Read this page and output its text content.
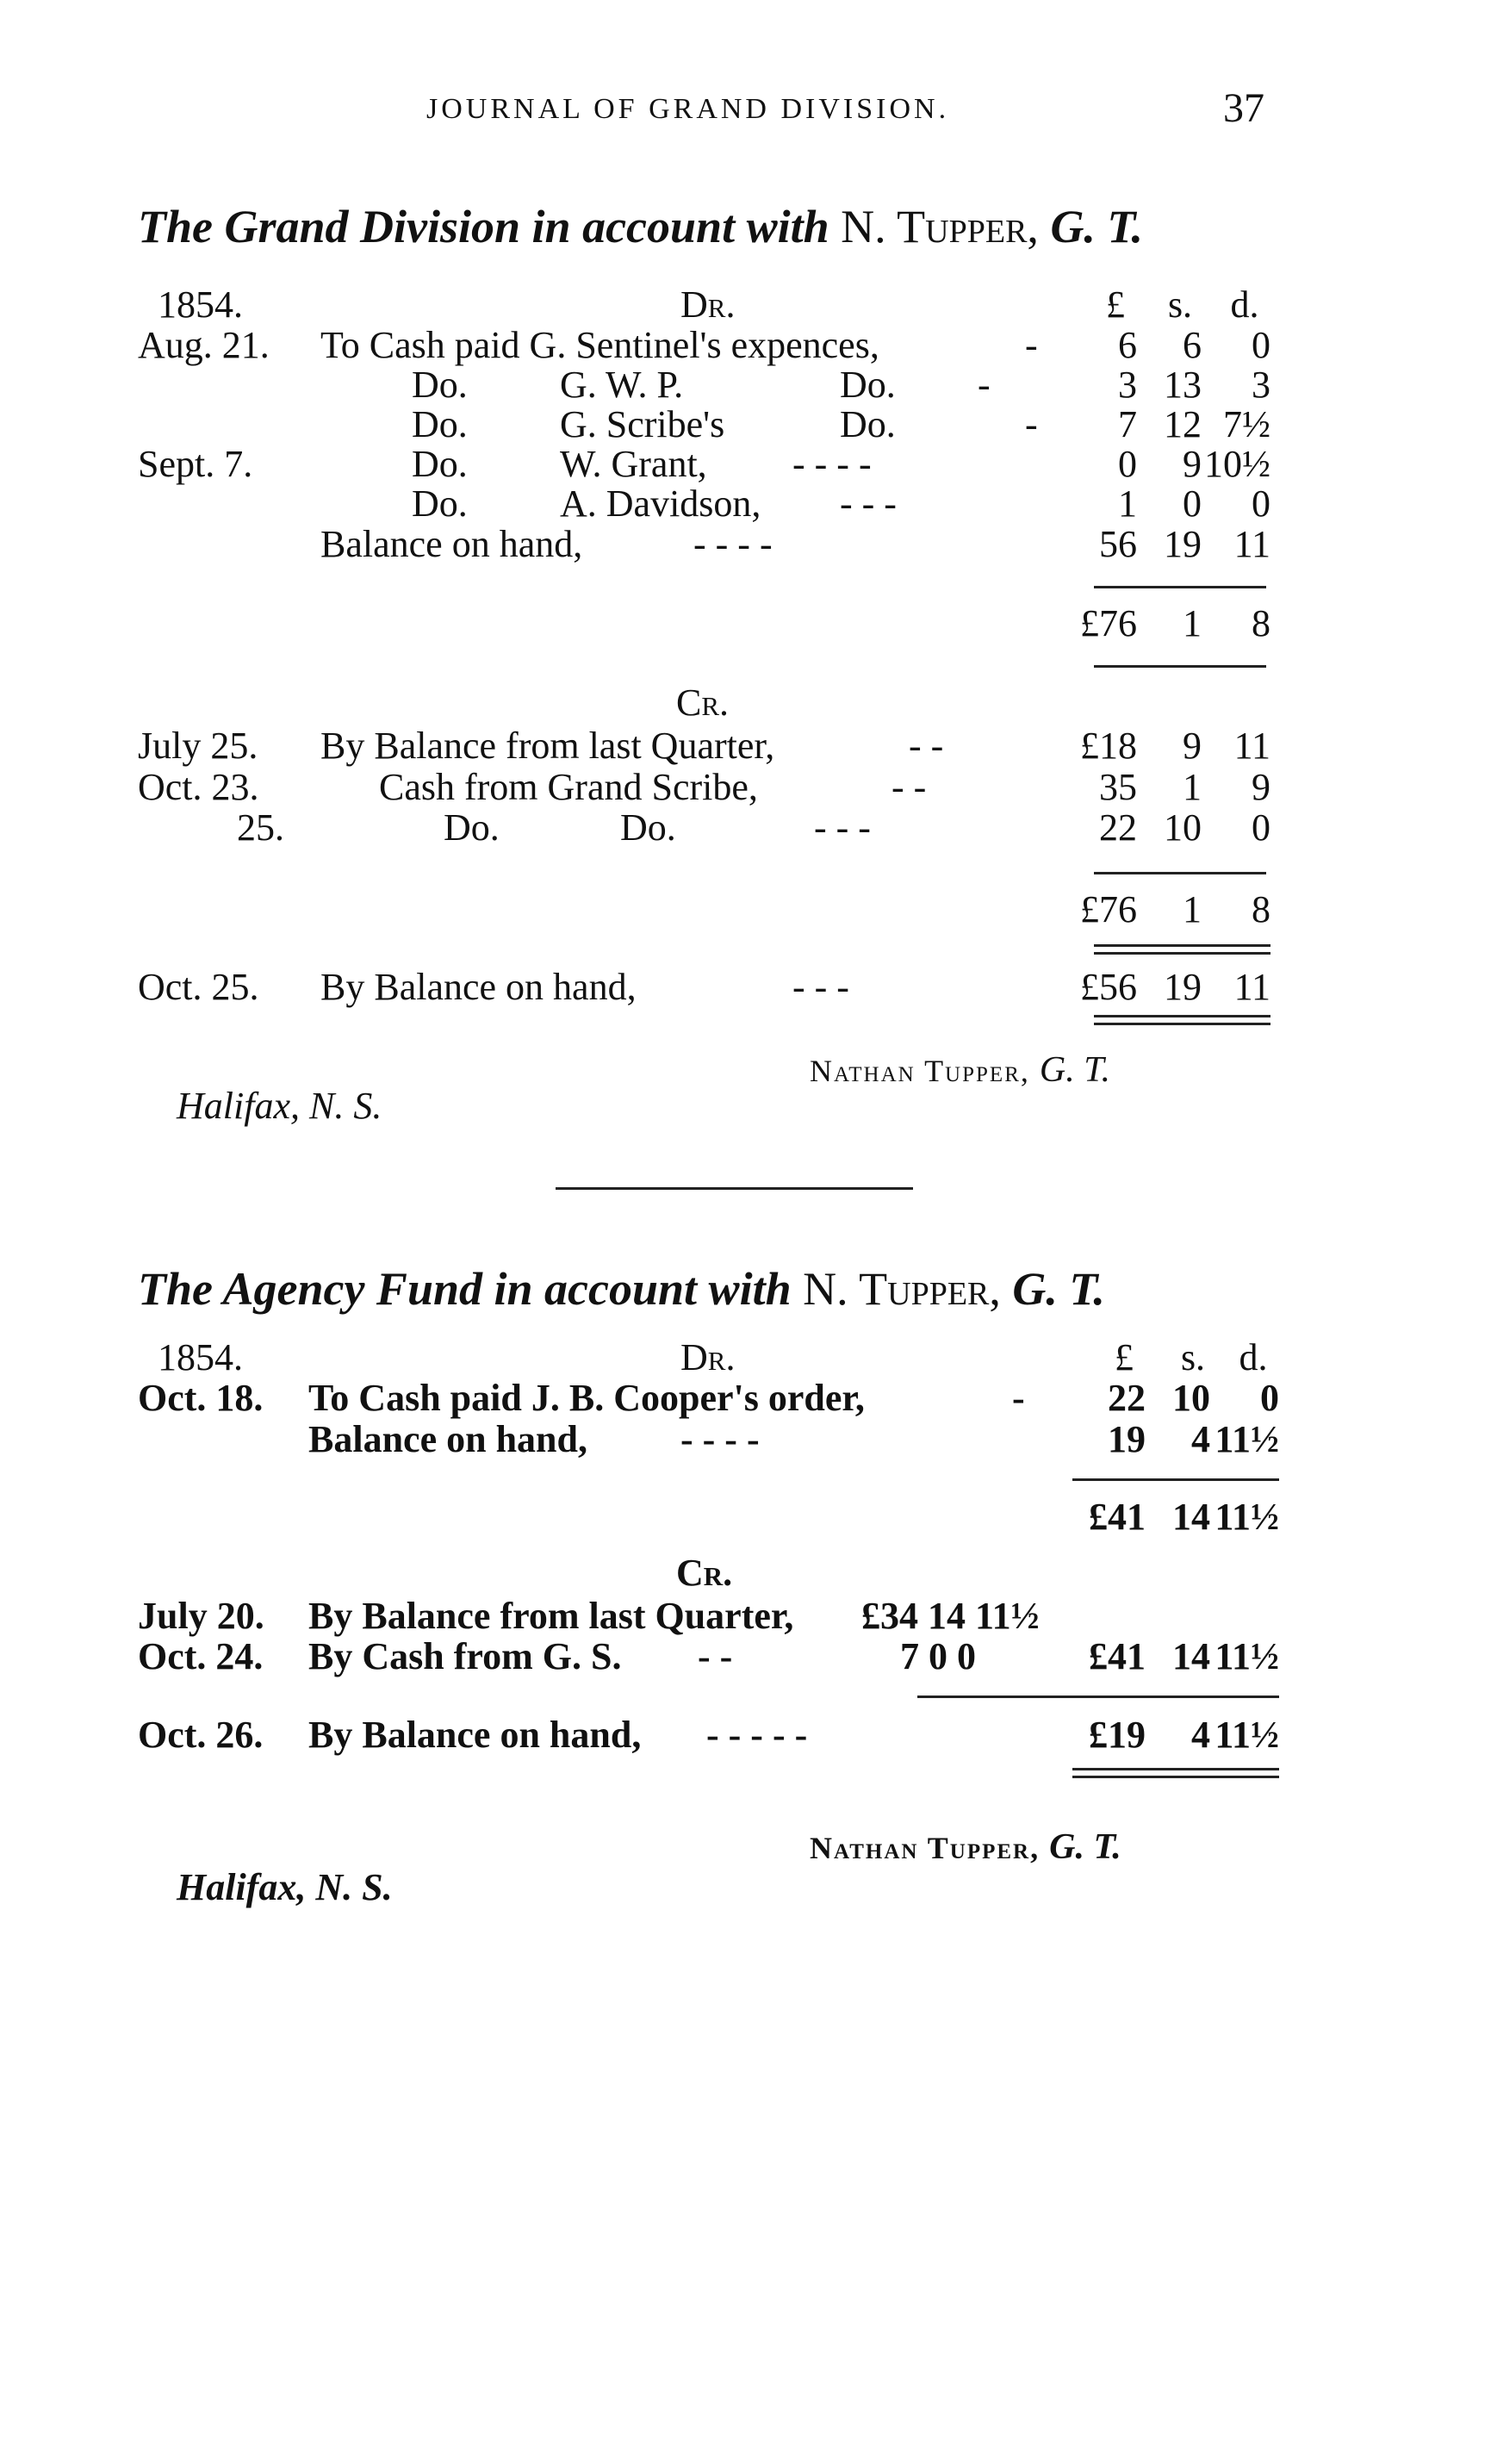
JOURNAL OF GRAND DIVISION.	37
The Grand Division in account with N. Tupper, G. T.
1854.	Dr.	£	s. d.
Aug. 21. To Cash paid G. Sentinel's expences,	-	6	6	0
Do. G. W. P.	Do. -	3 13	3
Do. G. Scribe's	Do.	-	7 12 7½
Sept. 7.	Do. W. Grant, - - - -	0	9 10½
Do. A. Davidson, - - -	1	0	0
Balance on hand,	- - - -	56 19 11
£76	1	8
Cr.
July 25. By Balance from last Quarter,	- -	£18	9 11
Oct. 23.	Cash from Grand Scribe,	- -	35	1	9
25.	Do.	Do.	- - -	22 10	0
£76	1	8
Oct. 25. By Balance on hand,	- - -	£56 19 11
Nathan Tupper, G. T.
Halifax, N. S.
The Agency Fund in account with N. Tupper, G. T.
1854.	Dr.	£	s. d.
Oct. 18. To Cash paid J. B. Cooper's order,	-	22 10	0
Balance on hand, - - - -	19	4 11½
£41 14 11½
Cr.
July 20. By Balance from last Quarter, £34 14 11½
Oct. 24. By Cash from G. S. - -	7 0 0	£41 14 11½
Oct. 26. By Balance on hand, - - - - -	£19	4 11½
Nathan Tupper, G. T.
Halifax, N. S.
